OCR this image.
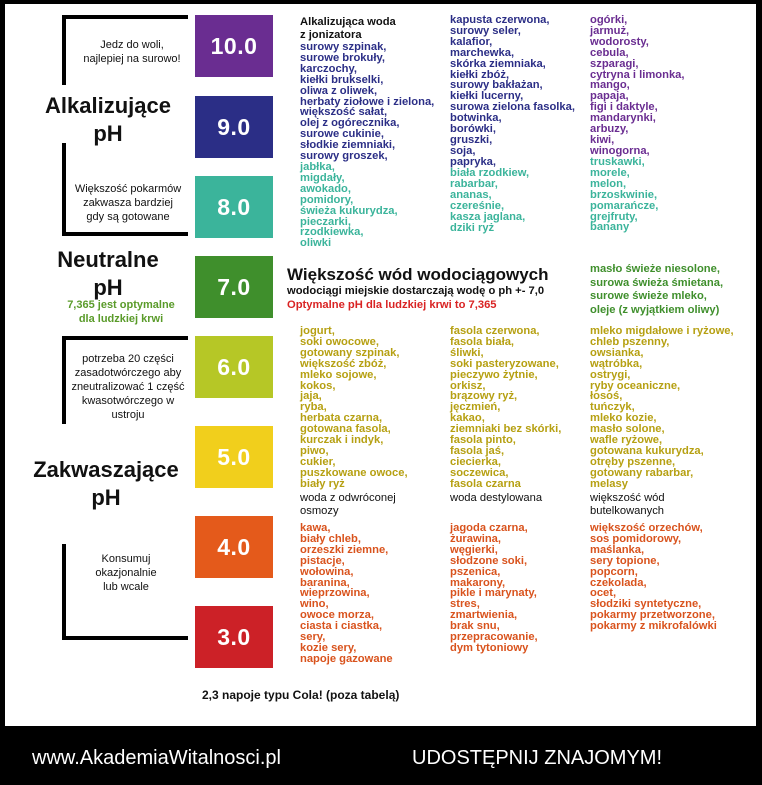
Jedz do woli,
najlepiej na surowo!
Alkalizujące
pH
Większość pokarmów
zakwasza bardziej
gdy są gotowane
Neutralne
pH
7,365 jest optymalne
dla ludzkiej krwi
potrzeba 20 części
zasadotwórczego aby
zneutralizować 1 część
kwasotwórczego w
ustroju
Zakwaszające
pH
Konsumuj
okazjonalnie
lub wcale
10.0
9.0
8.0
7.0
6.0
5.0
4.0
3.0
Alkalizująca woda
z jonizatora
surowy szpinak,
surowe brokuły,
karczochy,
kiełki brukselki,
oliwa z oliwek,
herbaty ziołowe i zielona,
większość sałat,
olej z ogórecznika,
surowe cukinie,
słodkie ziemniaki,
surowy groszek,
jabłka,
migdały,
awokado,
pomidory,
świeża kukurydza,
pieczarki,
rzodkiewka,
oliwki
kapusta czerwona,
surowy seler,
kalafior,
marchewka,
skórka ziemniaka,
kiełki zbóż,
surowy bakłażan,
kiełki lucerny,
surowa zielona fasolka,
botwinka,
borówki,
gruszki,
soja,
papryka,
biała rzodkiew,
rabarbar,
ananas,
czereśnie,
kasza jaglana,
dziki ryż
ogórki,
jarmuż,
wodorosty,
cebula,
szparagi,
cytryna i limonka,
mango,
papaja,
figi i daktyle,
mandarynki,
arbuzy,
kiwi,
winogorna,
truskawki,
morele,
melon,
brzoskwinie,
pomarańcze,
grejfruty,
banany
Większość wód wodociągowych
wodociągi miejskie dostarczają wodę o ph +- 7,0
Optymalne pH dla ludzkiej krwi to 7,365
masło świeże niesolone,
surowa świeża śmietana,
surowe świeże mleko,
oleje (z wyjątkiem oliwy)
jogurt,
soki owocowe,
gotowany szpinak,
większość zbóż,
mleko sojowe,
kokos,
jaja,
ryba,
herbata czarna,
gotowana fasola,
kurczak i indyk,
piwo,
cukier,
puszkowane owoce,
biały ryż
fasola czerwona,
fasola biała,
śliwki,
soki pasteryzowane,
pieczywo żytnie,
orkisz,
brązowy ryż,
jęczmień,
kakao,
ziemniaki bez skórki,
fasola pinto,
fasola jaś,
ciecierka,
soczewica,
fasola czarna
mleko migdałowe i ryżowe,
chleb pszenny,
owsianka,
wątróbka,
ostrygi,
ryby oceaniczne,
łosoś,
tuńczyk,
mleko kozie,
masło solone,
wafle ryżowe,
gotowana kukurydza,
otręby pszenne,
gotowany rabarbar,
melasy
woda z odwróconej
osmozy
woda destylowana	większość wód
butelkowanych
kawa,
biały chleb,
orzeszki ziemne,
pistacje,
wołowina,
baranina,
wieprzowina,
wino,
owoce morza,
ciasta i ciastka,
sery,
kozie sery,
napoje gazowane
jagoda czarna,
żurawina,
węgierki,
słodzone soki,
pszenica,
makarony,
pikle i marynaty,
stres,
zmartwienia,
brak snu,
przepracowanie,
dym tytoniowy
większość orzechów,
sos pomidorowy,
maślanka,
sery topione,
popcorn,
czekolada,
ocet,
słodziki syntetyczne,
pokarmy przetworzone,
pokarmy z mikrofalówki
2,3 napoje typu Cola! (poza tabelą)
www.AkademiaWitalnosci.pl	UDOSTĘPNIJ ZNAJOMYM!
